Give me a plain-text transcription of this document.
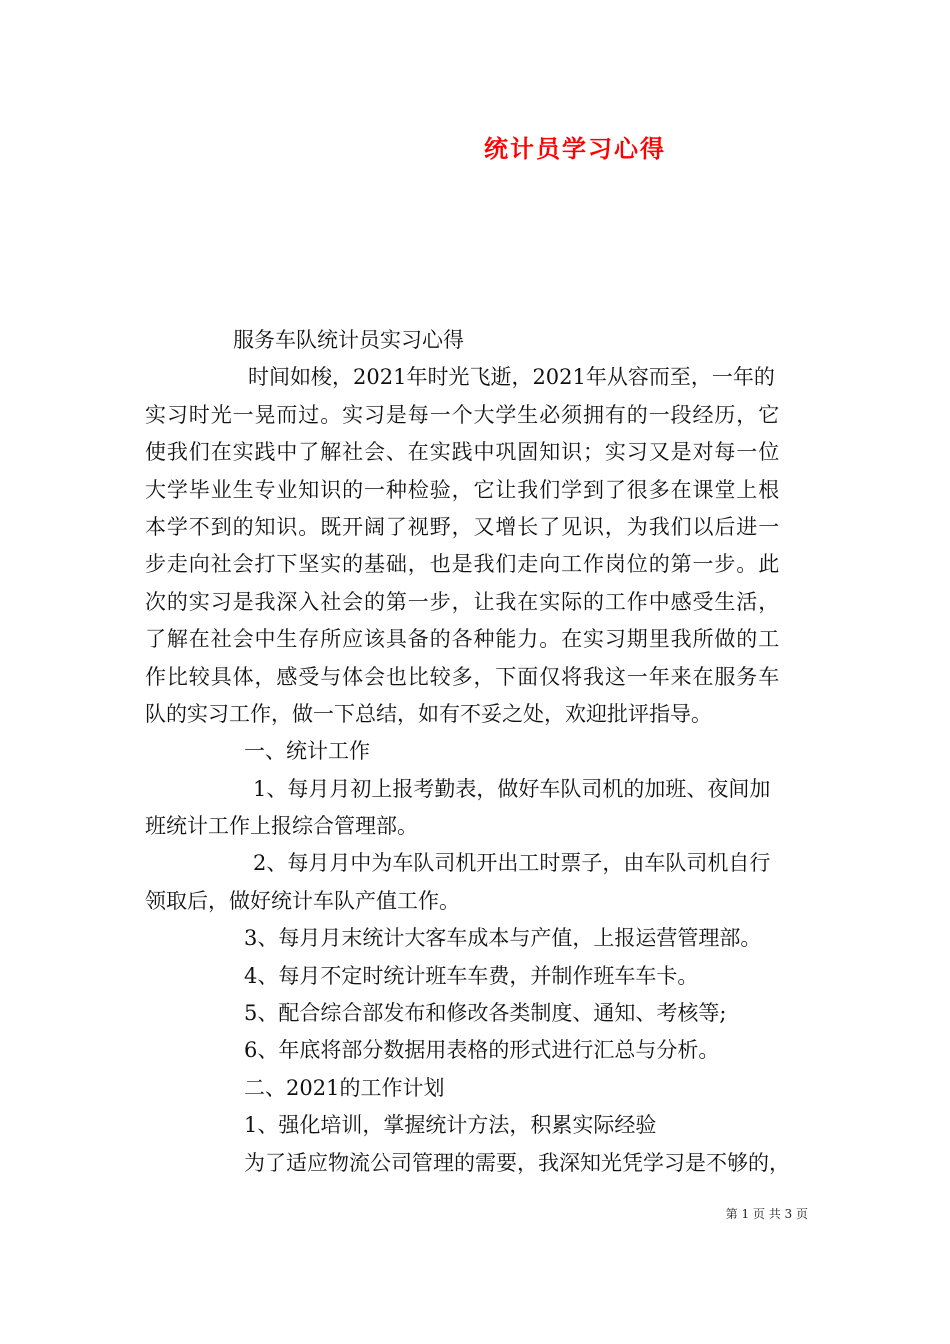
统计员学习心得
服务车队统计员实习心得
时间如梭，2021年时光飞逝，2021年从容而至，一年的
实习时光一晃而过。实习是每一个大学生必须拥有的一段经历，它
使我们在实践中了解社会、在实践中巩固知识；实习又是对每一位
大学毕业生专业知识的一种检验，它让我们学到了很多在课堂上根
本学不到的知识。既开阔了视野，又增长了见识，为我们以后进一
步走向社会打下坚实的基础，也是我们走向工作岗位的第一步。此
次的实习是我深入社会的第一步，让我在实际的工作中感受生活，
了解在社会中生存所应该具备的各种能力。在实习期里我所做的工
作比较具体，感受与体会也比较多，下面仅将我这一年来在服务车
队的实习工作，做一下总结，如有不妥之处，欢迎批评指导。
一、统计工作
1、每月月初上报考勤表，做好车队司机的加班、夜间加
班统计工作上报综合管理部。
2、每月月中为车队司机开出工时票子，由车队司机自行
领取后，做好统计车队产值工作。
3、每月月末统计大客车成本与产值，上报运营管理部。
4、每月不定时统计班车车费，并制作班车车卡。
5、配合综合部发布和修改各类制度、通知、考核等;
6、年底将部分数据用表格的形式进行汇总与分析。
二、2021的工作计划
1、强化培训，掌握统计方法，积累实际经验
为了适应物流公司管理的需要，我深知光凭学习是不够的，
第 1 页 共 3 页
